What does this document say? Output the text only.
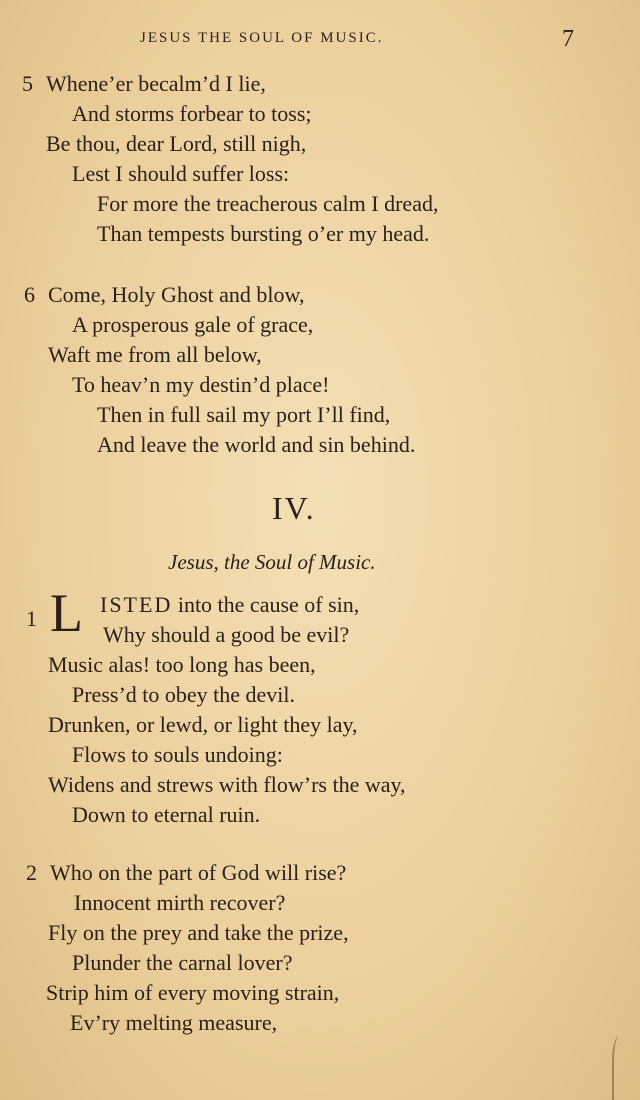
JESUS THE SOUL OF MUSIC.	7
5 Whene’er becalm’d I lie,
And storms forbear to toss;
Be thou, dear Lord, still nigh,
Lest I should suffer loss:
For more the treacherous calm I dread,
Than tempests bursting o’er my head.
6 Come, Holy Ghost and blow,
A prosperous gale of grace,
Waft me from all below,
To heav’n my destin’d place!
Then in full sail my port I’ll find,
And leave the world and sin behind.
IV.
Jesus, the Soul of Music.
1 L ISTED into the cause of sin,
Why should a good be evil?
Music alas! too long has been,
Press’d to obey the devil.
Drunken, or lewd, or light they lay,
Flows to souls undoing:
Widens and strews with flow’rs the way,
Down to eternal ruin.
2 Who on the part of God will rise?
Innocent mirth recover?
Fly on the prey and take the prize,
Plunder the carnal lover?
Strip him of every moving strain,
Ev’ry melting measure,
